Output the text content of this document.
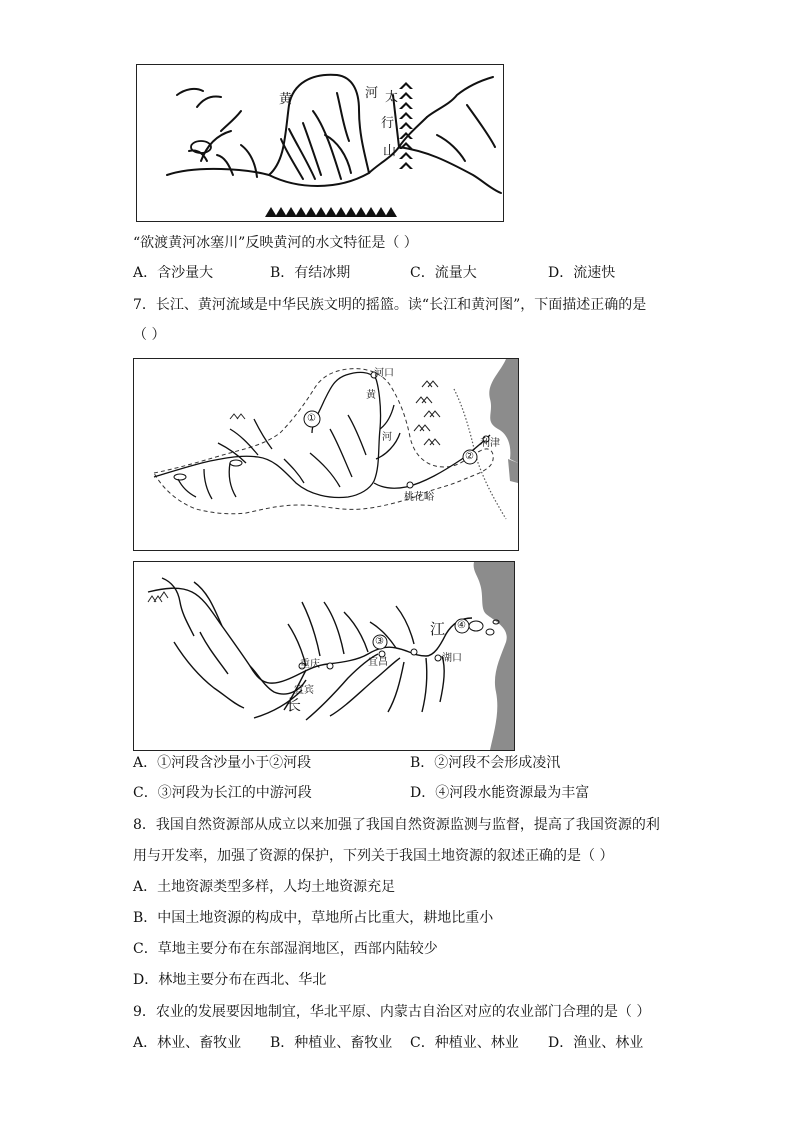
黄	河 太
行
山
“欲渡黄河冰塞川”反映黄河的水文特征是（ ）
A．含沙量大	B．有结冰期	C．流量大	D．流速快
7．长江、黄河流域是中华民族文明的摇篮。读“长江和黄河图”，下面描述正确的是
（ ）
河口
黄
河
利津
桃花峪
①
②
江
重庆	宜昌
宜宾
湖口
长
③
④
A．①河段含沙量小于②河段	B．②河段不会形成凌汛
C．③河段为长江的中游河段	D．④河段水能资源最为丰富
8．我国自然资源部从成立以来加强了我国自然资源监测与监督，提高了我国资源的利
用与开发率，加强了资源的保护，下列关于我国土地资源的叙述正确的是（ ）
A．土地资源类型多样，人均土地资源充足
B．中国土地资源的构成中，草地所占比重大，耕地比重小
C．草地主要分布在东部湿润地区，西部内陆较少
D．林地主要分布在西北、华北
9．农业的发展要因地制宜，华北平原、内蒙古自治区对应的农业部门合理的是（ ）
A．林业、畜牧业 B．种植业、畜牧业 C．种植业、林业 D．渔业、林业
